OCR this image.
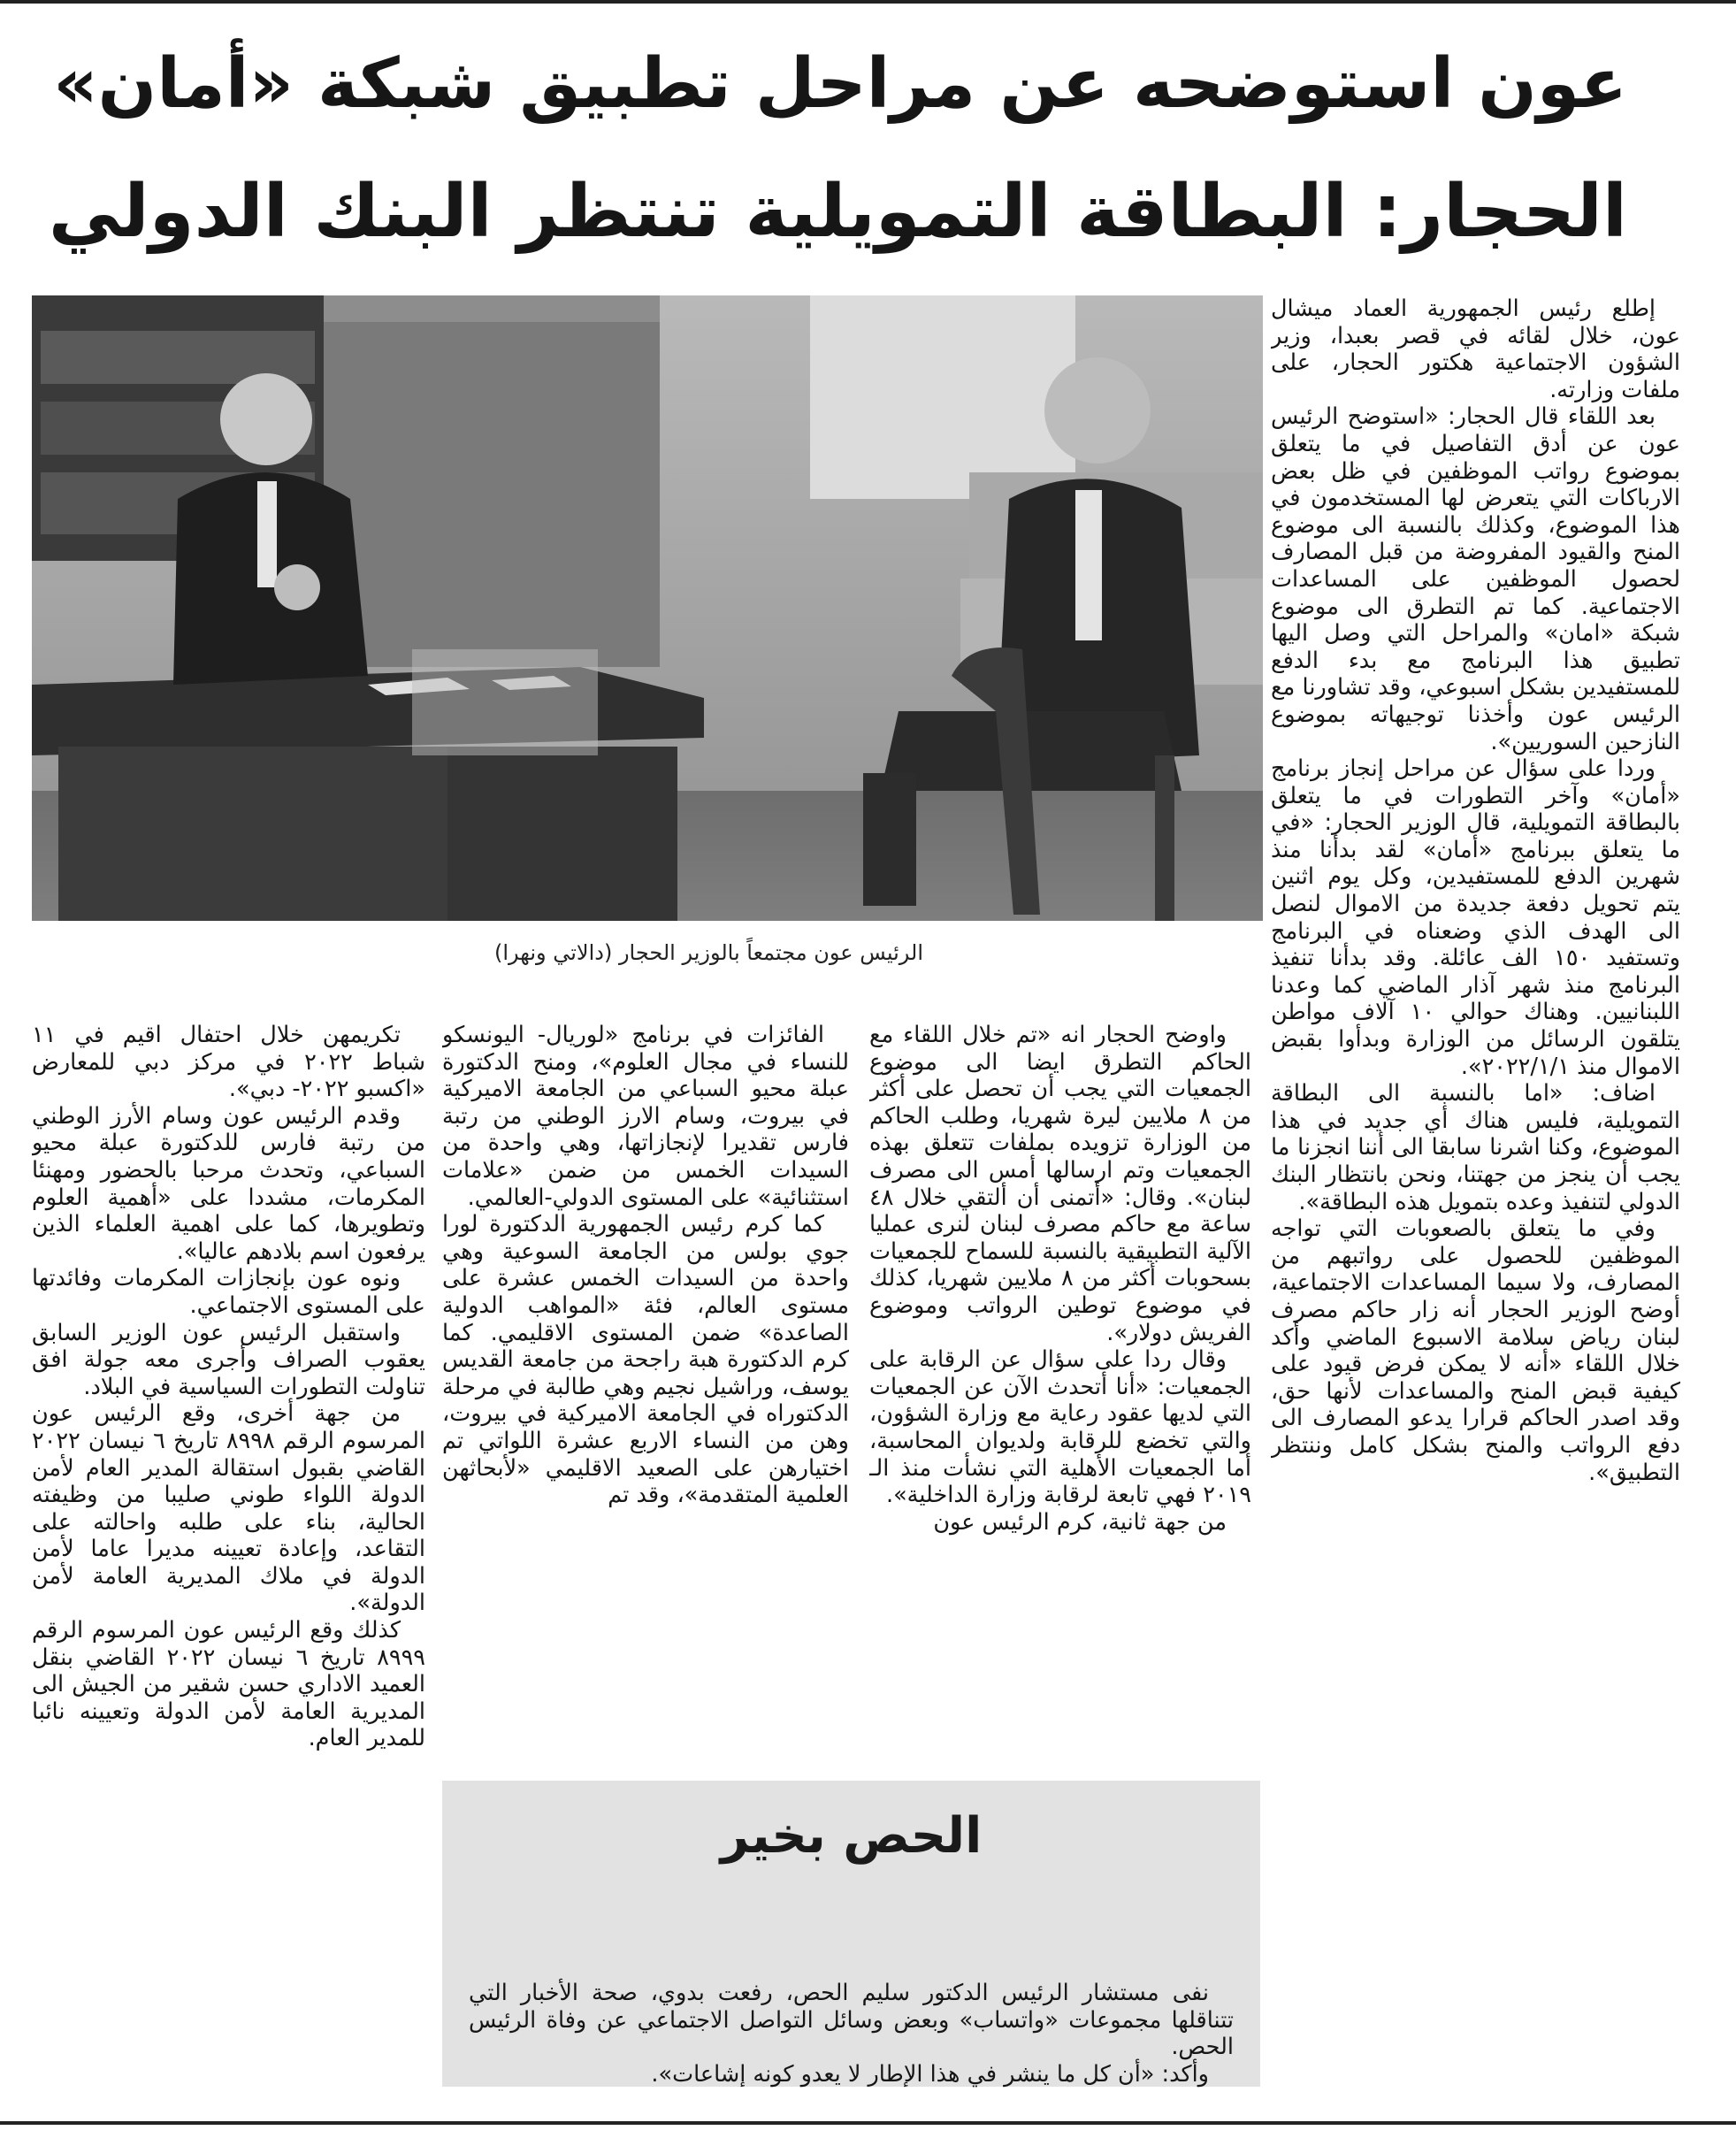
عون استوضحه عن مراحل تطبيق شبكة «أمان»
الحجار: البطاقة التمويلية تنتظر البنك الدولي

إطلع رئيس الجمهورية العماد ميشال عون، خلال لقائه في قصر بعبدا، وزير الشؤون الاجتماعية هكتور الحجار، على ملفات وزارته.

بعد اللقاء قال الحجار: «استوضح الرئيس عون عن أدق التفاصيل في ما يتعلق بموضوع رواتب الموظفين في ظل بعض الارباكات التي يتعرض لها المستخدمون في هذا الموضوع، وكذلك بالنسبة الى موضوع المنح والقيود المفروضة من قبل المصارف لحصول الموظفين على المساعدات الاجتماعية. كما تم التطرق الى موضوع شبكة «امان» والمراحل التي وصل اليها تطبيق هذا البرنامج مع بدء الدفع للمستفيدين بشكل اسبوعي، وقد تشاورنا مع الرئيس عون وأخذنا توجيهاته بموضوع النازحين السوريين».

وردا على سؤال عن مراحل إنجاز برنامج «أمان» وآخر التطورات في ما يتعلق بالبطاقة التمويلية، قال الوزير الحجار: «في ما يتعلق ببرنامج «أمان» لقد بدأنا منذ شهرين الدفع للمستفيدين، وكل يوم اثنين يتم تحويل دفعة جديدة من الاموال لنصل الى الهدف الذي وضعناه في البرنامج وتستفيد ١٥٠ الف عائلة. وقد بدأنا تنفيذ البرنامج منذ شهر آذار الماضي كما وعدنا اللبنانيين. وهناك حوالي ١٠ آلاف مواطن يتلقون الرسائل من الوزارة وبدأوا بقبض الاموال منذ ٢٠٢٢/١/١».

اضاف: «اما بالنسبة الى البطاقة التمويلية، فليس هناك أي جديد في هذا الموضوع، وكنا اشرنا سابقا الى أننا انجزنا ما يجب أن ينجز من جهتنا، ونحن بانتظار البنك الدولي لتنفيذ وعده بتمويل هذه البطاقة».

وفي ما يتعلق بالصعوبات التي تواجه الموظفين للحصول على رواتبهم من المصارف، ولا سيما المساعدات الاجتماعية، أوضح الوزير الحجار أنه زار حاكم مصرف لبنان رياض سلامة الاسبوع الماضي وأكد خلال اللقاء «أنه لا يمكن فرض قيود على كيفية قبض المنح والمساعدات لأنها حق، وقد اصدر الحاكم قرارا يدعو المصارف الى دفع الرواتب والمنح بشكل كامل وننتظر التطبيق».

الرئيس عون مجتمعاً بالوزير الحجار (دالاتي ونهرا)

واوضح الحجار انه «تم خلال اللقاء مع الحاكم التطرق ايضا الى موضوع الجمعيات التي يجب أن تحصل على أكثر من ٨ ملايين ليرة شهريا، وطلب الحاكم من الوزارة تزويده بملفات تتعلق بهذه الجمعيات وتم ارسالها أمس الى مصرف لبنان». وقال: «أتمنى أن ألتقي خلال ٤٨ ساعة مع حاكم مصرف لبنان لنرى عمليا الآلية التطبيقية بالنسبة للسماح للجمعيات بسحوبات أكثر من ٨ ملايين شهريا، كذلك في موضوع توطين الرواتب وموضوع الفريش دولار».

وقال ردا على سؤال عن الرقابة على الجمعيات: «أنا أتحدث الآن عن الجمعيات التي لديها عقود رعاية مع وزارة الشؤون، والتي تخضع للرقابة ولديوان المحاسبة، أما الجمعيات الأهلية التي نشأت منذ الـ ٢٠١٩ فهي تابعة لرقابة وزارة الداخلية».

من جهة ثانية، كرم الرئيس عون

الفائزات في برنامج «لوريال- اليونسكو للنساء في مجال العلوم»، ومنح الدكتورة عبلة محيو السباعي من الجامعة الاميركية في بيروت، وسام الارز الوطني من رتبة فارس تقديرا لإنجازاتها، وهي واحدة من السيدات الخمس من ضمن «علامات استثنائية» على المستوى الدولي-العالمي.

كما كرم رئيس الجمهورية الدكتورة لورا جوي بولس من الجامعة السوعية وهي واحدة من السيدات الخمس عشرة على مستوى العالم، فئة «المواهب الدولية الصاعدة» ضمن المستوى الاقليمي. كما كرم الدكتورة هبة راجحة من جامعة القديس يوسف، وراشيل نجيم وهي طالبة في مرحلة الدكتوراه في الجامعة الاميركية في بيروت، وهن من النساء الاربع عشرة اللواتي تم اختيارهن على الصعيد الاقليمي «لأبحاثهن العلمية المتقدمة»، وقد تم

تكريمهن خلال احتفال اقيم في ١١ شباط ٢٠٢٢ في مركز دبي للمعارض «اكسبو ٢٠٢٢- دبي».

وقدم الرئيس عون وسام الأرز الوطني من رتبة فارس للدكتورة عبلة محيو السباعي، وتحدث مرحبا بالحضور ومهنئا المكرمات، مشددا على «أهمية العلوم وتطويرها، كما على اهمية العلماء الذين يرفعون اسم بلادهم عاليا».

ونوه عون بإنجازات المكرمات وفائدتها على المستوى الاجتماعي.

واستقبل الرئيس عون الوزير السابق يعقوب الصراف وأجرى معه جولة افق تناولت التطورات السياسية في البلاد.

من جهة أخرى، وقع الرئيس عون المرسوم الرقم ٨٩٩٨ تاريخ ٦ نيسان ٢٠٢٢ القاضي بقبول استقالة المدير العام لأمن الدولة اللواء طوني صليبا من وظيفته الحالية، بناء على طلبه واحالته على التقاعد، وإعادة تعيينه مديرا عاما لأمن الدولة في ملاك المديرية العامة لأمن الدولة».

كذلك وقع الرئيس عون المرسوم الرقم ٨٩٩٩ تاريخ ٦ نيسان ٢٠٢٢ القاضي بنقل العميد الاداري حسن شقير من الجيش الى المديرية العامة لأمن الدولة وتعيينه نائبا للمدير العام.

الحص بخير

نفى مستشار الرئيس الدكتور سليم الحص، رفعت بدوي، صحة الأخبار التي تتناقلها مجموعات «واتساب» وبعض وسائل التواصل الاجتماعي عن وفاة الرئيس الحص.

وأكد: «أن كل ما ينشر في هذا الإطار لا يعدو كونه إشاعات».
